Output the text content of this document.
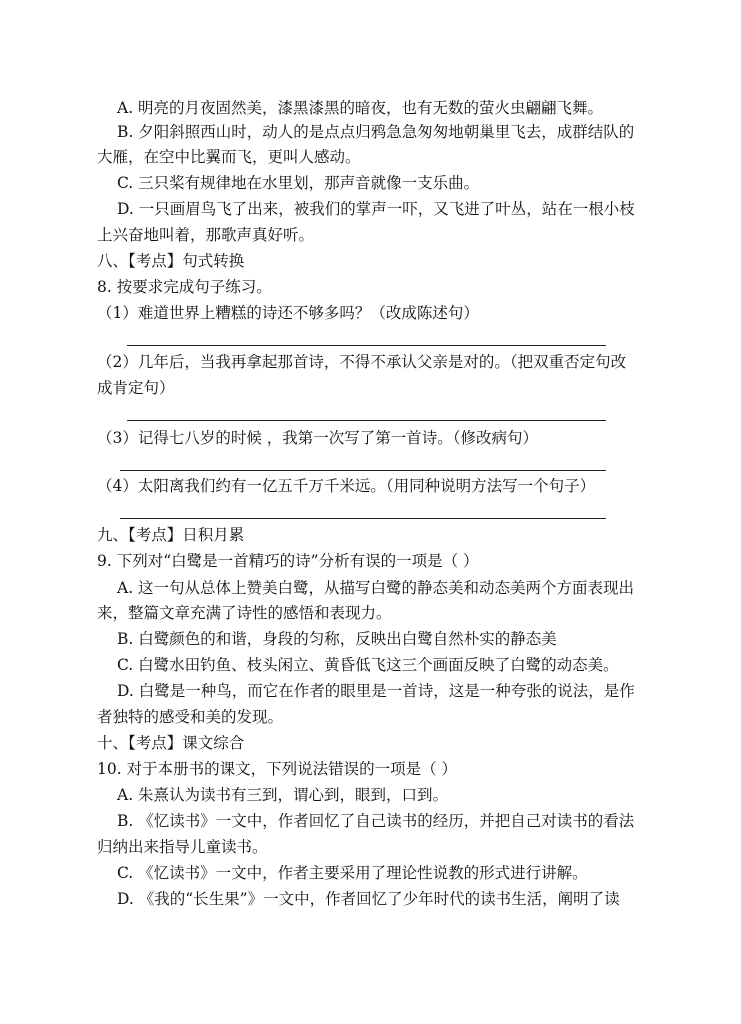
A. 明亮的月夜固然美，漆黑漆黑的暗夜，也有无数的萤火虫翩翩飞舞。
B. 夕阳斜照西山时，动人的是点点归鸦急急匆匆地朝巢里飞去，成群结队的
大雁，在空中比翼而飞，更叫人感动。
C. 三只桨有规律地在水里划，那声音就像一支乐曲。
D. 一只画眉鸟飞了出来，被我们的掌声一吓，又飞进了叶丛，站在一根小枝
上兴奋地叫着，那歌声真好听。
八、【考点】句式转换
8. 按要求完成句子练习。
（1）难道世界上糟糕的诗还不够多吗？（改成陈述句）
（2）几年后，当我再拿起那首诗，不得不承认父亲是对的。（把双重否定句改
成肯定句）
（3）记得七八岁的时候 ，我第一次写了第一首诗。（修改病句）
（4）太阳离我们约有一亿五千万千米远。（用同种说明方法写一个句子）
九、【考点】日积月累
9. 下列对“白鹭是一首精巧的诗”分析有误的一项是（ ）
A. 这一句从总体上赞美白鹭，从描写白鹭的静态美和动态美两个方面表现出
来，整篇文章充满了诗性的感悟和表现力。
B. 白鹭颜色的和谐，身段的匀称，反映出白鹭自然朴实的静态美
C. 白鹭水田钓鱼、枝头闲立、黄昏低飞这三个画面反映了白鹭的动态美。
D. 白鹭是一种鸟，而它在作者的眼里是一首诗，这是一种夸张的说法，是作
者独特的感受和美的发现。
十、【考点】课文综合
10. 对于本册书的课文，下列说法错误的一项是（ ）
A. 朱熹认为读书有三到，谓心到，眼到，口到。
B. 《忆读书》一文中，作者回忆了自己读书的经历，并把自己对读书的看法
归纳出来指导儿童读书。
C. 《忆读书》一文中，作者主要采用了理论性说教的形式进行讲解。
D. 《我的“长生果”》一文中，作者回忆了少年时代的读书生活，阐明了读
